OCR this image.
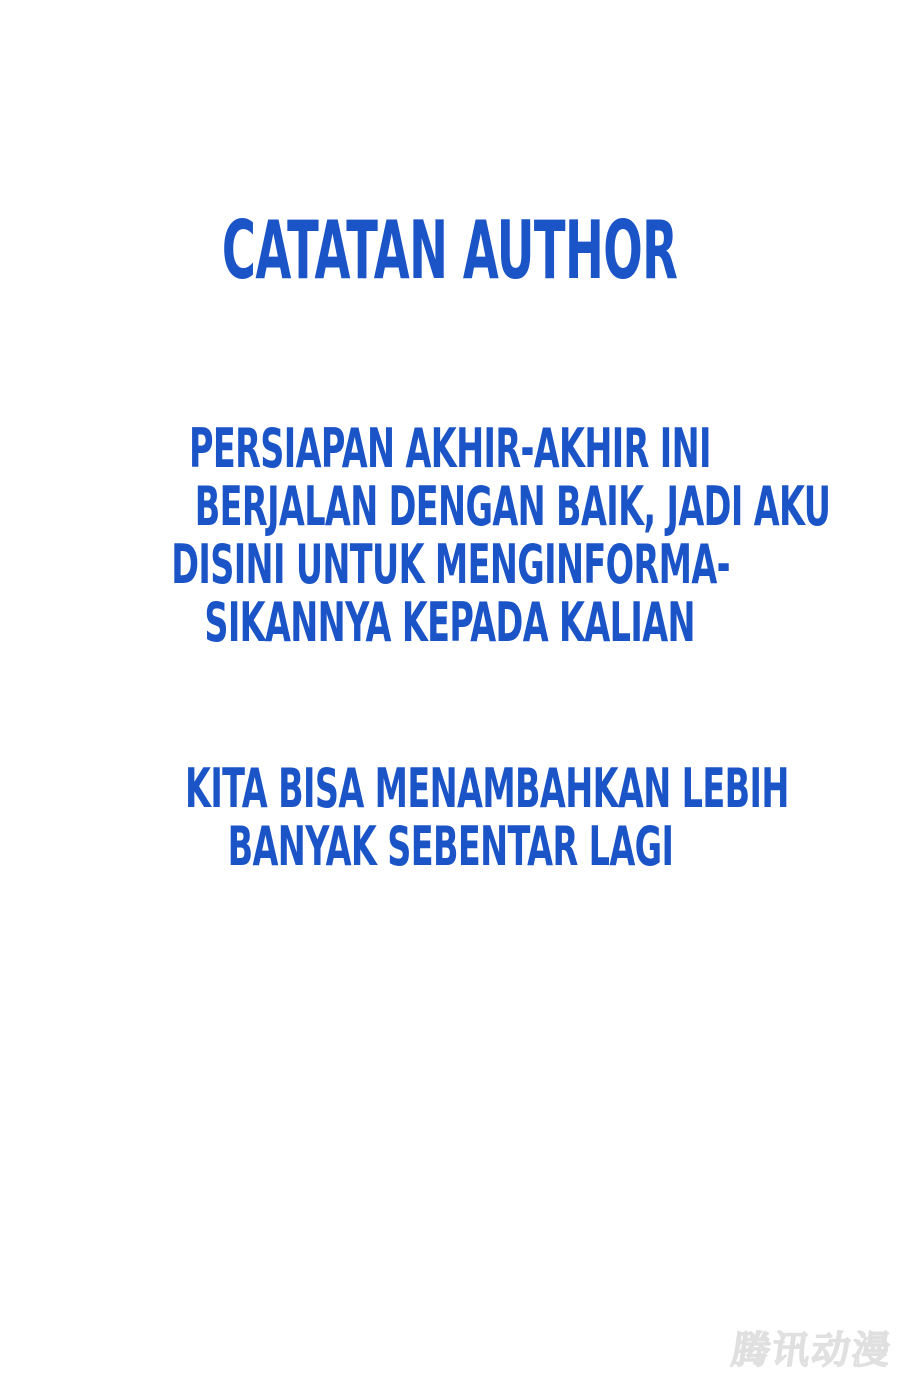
CATATAN AUTHOR
PERSIAPAN AKHIR-AKHIR INI
BERJALAN DENGAN BAIK, JADI AKU
DISINI UNTUK MENGINFORMA-
SIKANNYA KEPADA KALIAN
KITA BISA MENAMBAHKAN LEBIH
BANYAK SEBENTAR LAGI
腾讯动漫
